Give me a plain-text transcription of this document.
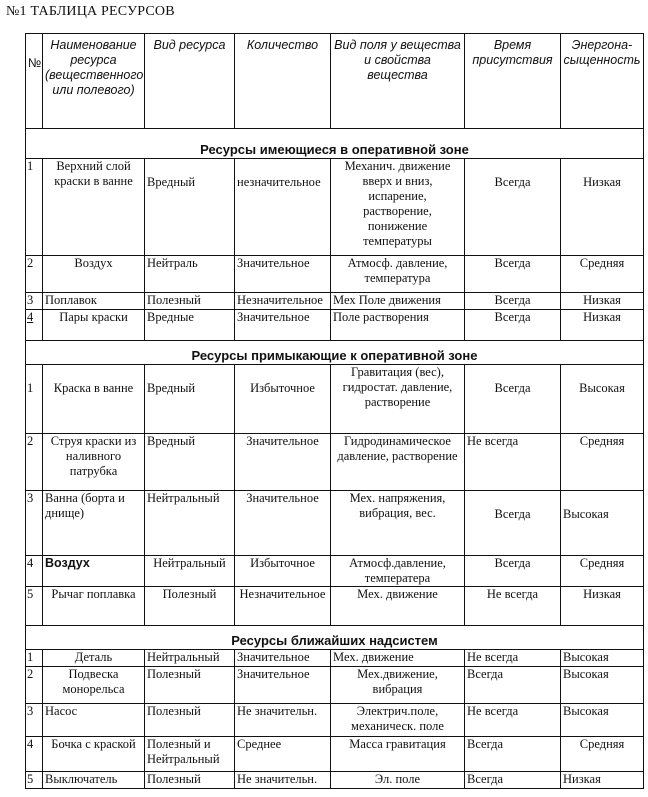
№1 ТАБЛИЦА РЕСУРСОВ
№	Наименование ресурса (вещественного или полевого)	Вид ресурса	Количество	Вид поля у вещества и свойства вещества	Время присутствия	Энергона-сыщенность
Ресурсы имеющиеся в оперативной зоне						
1	Верхний слой краски в ванне	Вредный	незначительное	Механич. движение вверх и вниз, испарение, растворение, понижение температуры	Всегда	Низкая
2	Воздух	Нейтраль	Значительное	Атмосф. давление, температура	Всегда	Средняя
3	Поплавок	Полезный	Незначительное	Мех Поле движения	Всегда	Низкая
4	Пары краски	Вредные	Значительное	Поле растворения	Всегда	Низкая
Ресурсы примыкающие к оперативной зоне						
1	Краска в ванне	Вредный	Избыточное	Гравитация (вес), гидростат. давление, растворение	Всегда	Высокая
2	Струя краски из наливного патрубка	Вредный	Значительное	Гидродинамическое давление, растворение	Не всегда	Средняя
3	Ванна (борта и днище)	Нейтральный	Значительное	Мех. напряжения, вибрация, вес.	Всегда	Высокая
4	Воздух	Нейтральный	Избыточное	Атмосф.давление, температера	Всегда	Средняя
5	Рычаг поплавка	Полезный	Незначительное	Мех. движение	Не всегда	Низкая
Ресурсы ближайших надсистем						
1	Деталь	Нейтральный	Значительное	Мех. движение	Не всегда	Высокая
2	Подвеска монорельса	Полезный	Значительное	Мех.движение, вибрация	Всегда	Высокая
3	Насос	Полезный	Не значительн.	Электрич.поле, механическ. поле	Не всегда	Высокая
4	Бочка с краской	Полезный и Нейтральный	Среднее	Масса гравитация	Всегда	Средняя
5	Выключатель	Полезный	Не значительн.	Эл. поле	Всегда	Низкая
